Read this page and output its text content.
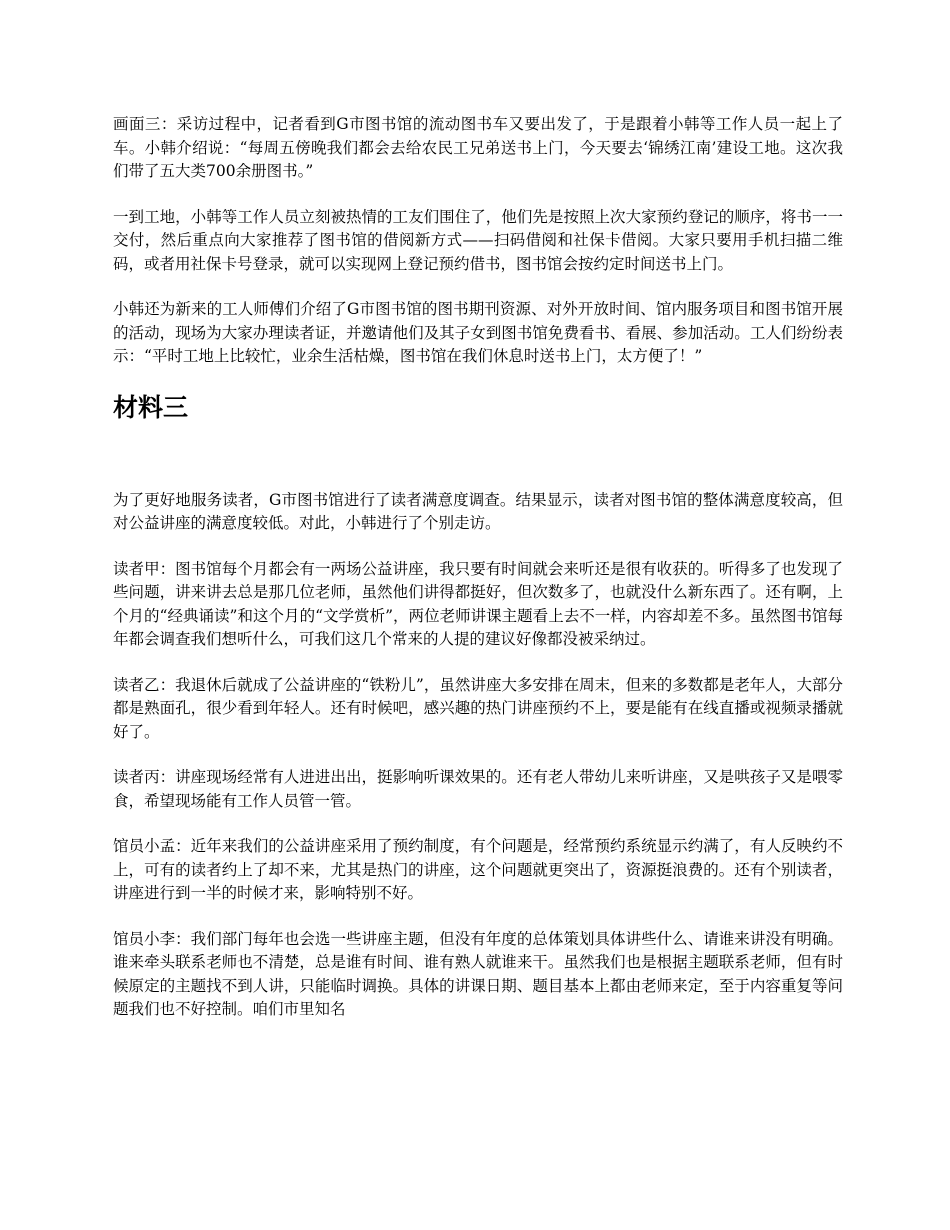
画面三：采访过程中，记者看到G市图书馆的流动图书车又要出发了，于是跟着小韩等工作人员一起上了车。小韩介绍说：“每周五傍晚我们都会去给农民工兄弟送书上门，今天要去‘锦绣江南’建设工地。这次我们带了五大类700余册图书。”

一到工地，小韩等工作人员立刻被热情的工友们围住了，他们先是按照上次大家预约登记的顺序，将书一一交付，然后重点向大家推荐了图书馆的借阅新方式——扫码借阅和社保卡借阅。大家只要用手机扫描二维码，或者用社保卡号登录，就可以实现网上登记预约借书，图书馆会按约定时间送书上门。

小韩还为新来的工人师傅们介绍了G市图书馆的图书期刊资源、对外开放时间、馆内服务项目和图书馆开展的活动，现场为大家办理读者证，并邀请他们及其子女到图书馆免费看书、看展、参加活动。工人们纷纷表示：“平时工地上比较忙，业余生活枯燥，图书馆在我们休息时送书上门，太方便了！”

材料三

为了更好地服务读者，G市图书馆进行了读者满意度调查。结果显示，读者对图书馆的整体满意度较高，但对公益讲座的满意度较低。对此，小韩进行了个别走访。

读者甲：图书馆每个月都会有一两场公益讲座，我只要有时间就会来听还是很有收获的。听得多了也发现了些问题，讲来讲去总是那几位老师，虽然他们讲得都挺好，但次数多了，也就没什么新东西了。还有啊，上个月的“经典诵读”和这个月的“文学赏析”，两位老师讲课主题看上去不一样，内容却差不多。虽然图书馆每年都会调查我们想听什么，可我们这几个常来的人提的建议好像都没被采纳过。

读者乙：我退休后就成了公益讲座的“铁粉儿”，虽然讲座大多安排在周末，但来的多数都是老年人，大部分都是熟面孔，很少看到年轻人。还有时候吧，感兴趣的热门讲座预约不上，要是能有在线直播或视频录播就好了。

读者丙：讲座现场经常有人进进出出，挺影响听课效果的。还有老人带幼儿来听讲座，又是哄孩子又是喂零食，希望现场能有工作人员管一管。

馆员小孟：近年来我们的公益讲座采用了预约制度，有个问题是，经常预约系统显示约满了，有人反映约不上，可有的读者约上了却不来，尤其是热门的讲座，这个问题就更突出了，资源挺浪费的。还有个别读者，讲座进行到一半的时候才来，影响特别不好。

馆员小李：我们部门每年也会选一些讲座主题，但没有年度的总体策划具体讲些什么、请谁来讲没有明确。谁来牵头联系老师也不清楚，总是谁有时间、谁有熟人就谁来干。虽然我们也是根据主题联系老师，但有时候原定的主题找不到人讲，只能临时调换。具体的讲课日期、题目基本上都由老师来定，至于内容重复等问题我们也不好控制。咱们市里知名
